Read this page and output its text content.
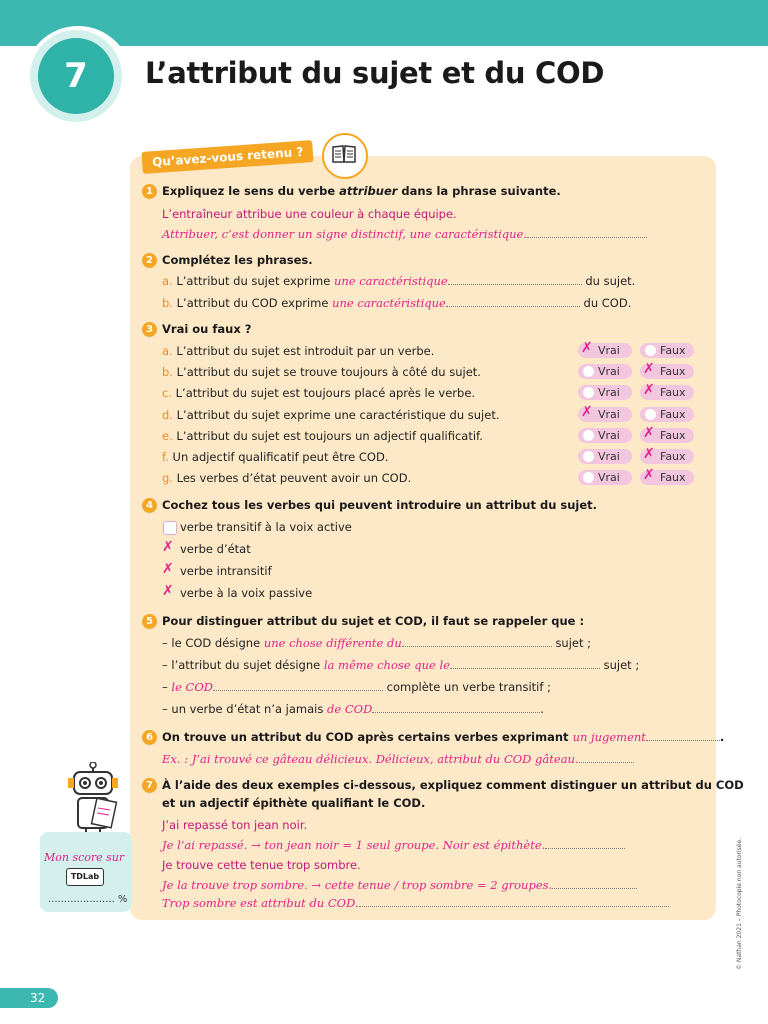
7	L’attribut du sujet et du COD
Qu’avez-vous retenu ?
1 Expliquez le sens du verbe attribuer dans la phrase suivante.
L’entraîneur attribue une couleur à chaque équipe.
Attribuer, c’est donner un signe distinctif, une caractéristique.
2 Complétez les phrases.
a. L’attribut du sujet exprime une caractéristique	du sujet.
b. L’attribut du COD exprime une caractéristique	du COD.
3 Vrai ou faux ?
a. L’attribut du sujet est introduit par un verbe.	✗ Vrai	Faux
b. L’attribut du sujet se trouve toujours à côté du sujet.	Vrai ✗ Faux
c. L’attribut du sujet est toujours placé après le verbe.	Vrai ✗ Faux
d. L’attribut du sujet exprime une caractéristique du sujet.	✗ Vrai	Faux
e. L’attribut du sujet est toujours un adjectif qualificatif.	Vrai ✗ Faux
f. Un adjectif qualificatif peut être COD.	Vrai ✗ Faux
g. Les verbes d’état peuvent avoir un COD.	Vrai ✗ Faux
4 Cochez tous les verbes qui peuvent introduire un attribut du sujet.
verbe transitif à la voix active
✗ verbe d’état
✗ verbe intransitif
✗ verbe à la voix passive
5 Pour distinguer attribut du sujet et COD, il faut se rappeler que :
– le COD désigne une chose différente du	sujet ;
– l’attribut du sujet désigne la même chose que le	sujet ;
– le COD	complète un verbe transitif ;
– un verbe d’état n’a jamais de COD	.
6 On trouve un attribut du COD après certains verbes exprimant un jugement	.
Ex. : J’ai trouvé ce gâteau délicieux. Délicieux, attribut du COD gâteau.
7 À l’aide des deux exemples ci-dessous, expliquez comment distinguer un attribut du COD
et un adjectif épithète qualifiant le COD.
J’ai repassé ton jean noir.
Je l’ai repassé. → ton jean noir = 1 seul groupe. Noir est épithète.
Je trouve cette tenue trop sombre.
Je la trouve trop sombre. → cette tenue / trop sombre = 2 groupes.
Trop sombre est attribut du COD.
Mon score sur
TDLab
..................... %	© Nathan 2021 – Photocopie non autorisée.
32
